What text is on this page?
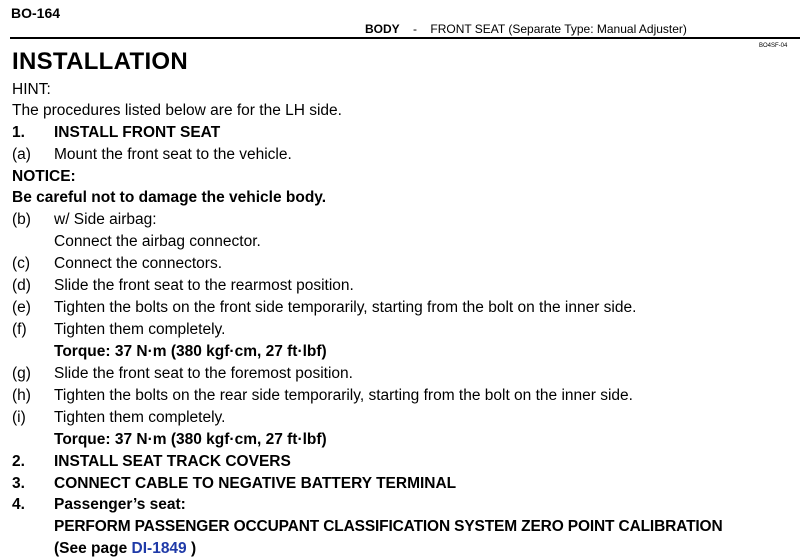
BO-164
BODY - FRONT SEAT (Separate Type: Manual Adjuster)
BO4SF-04
INSTALLATION
HINT:
The procedures listed below are for the LH side.
1. INSTALL FRONT SEAT
(a) Mount the front seat to the vehicle.
NOTICE:
Be careful not to damage the vehicle body.
(b) w/ Side airbag:
Connect the airbag connector.
(c) Connect the connectors.
(d) Slide the front seat to the rearmost position.
(e) Tighten the bolts on the front side temporarily, starting from the bolt on the inner side.
(f) Tighten them completely.
Torque: 37 N·m (380 kgf·cm, 27 ft·lbf)
(g) Slide the front seat to the foremost position.
(h) Tighten the bolts on the rear side temporarily, starting from the bolt on the inner side.
(i) Tighten them completely.
Torque: 37 N·m (380 kgf·cm, 27 ft·lbf)
2. INSTALL SEAT TRACK COVERS
3. CONNECT CABLE TO NEGATIVE BATTERY TERMINAL
4. Passenger’s seat:
PERFORM PASSENGER OCCUPANT CLASSIFICATION SYSTEM ZERO POINT CALIBRATION
(See page DI-1849 )
